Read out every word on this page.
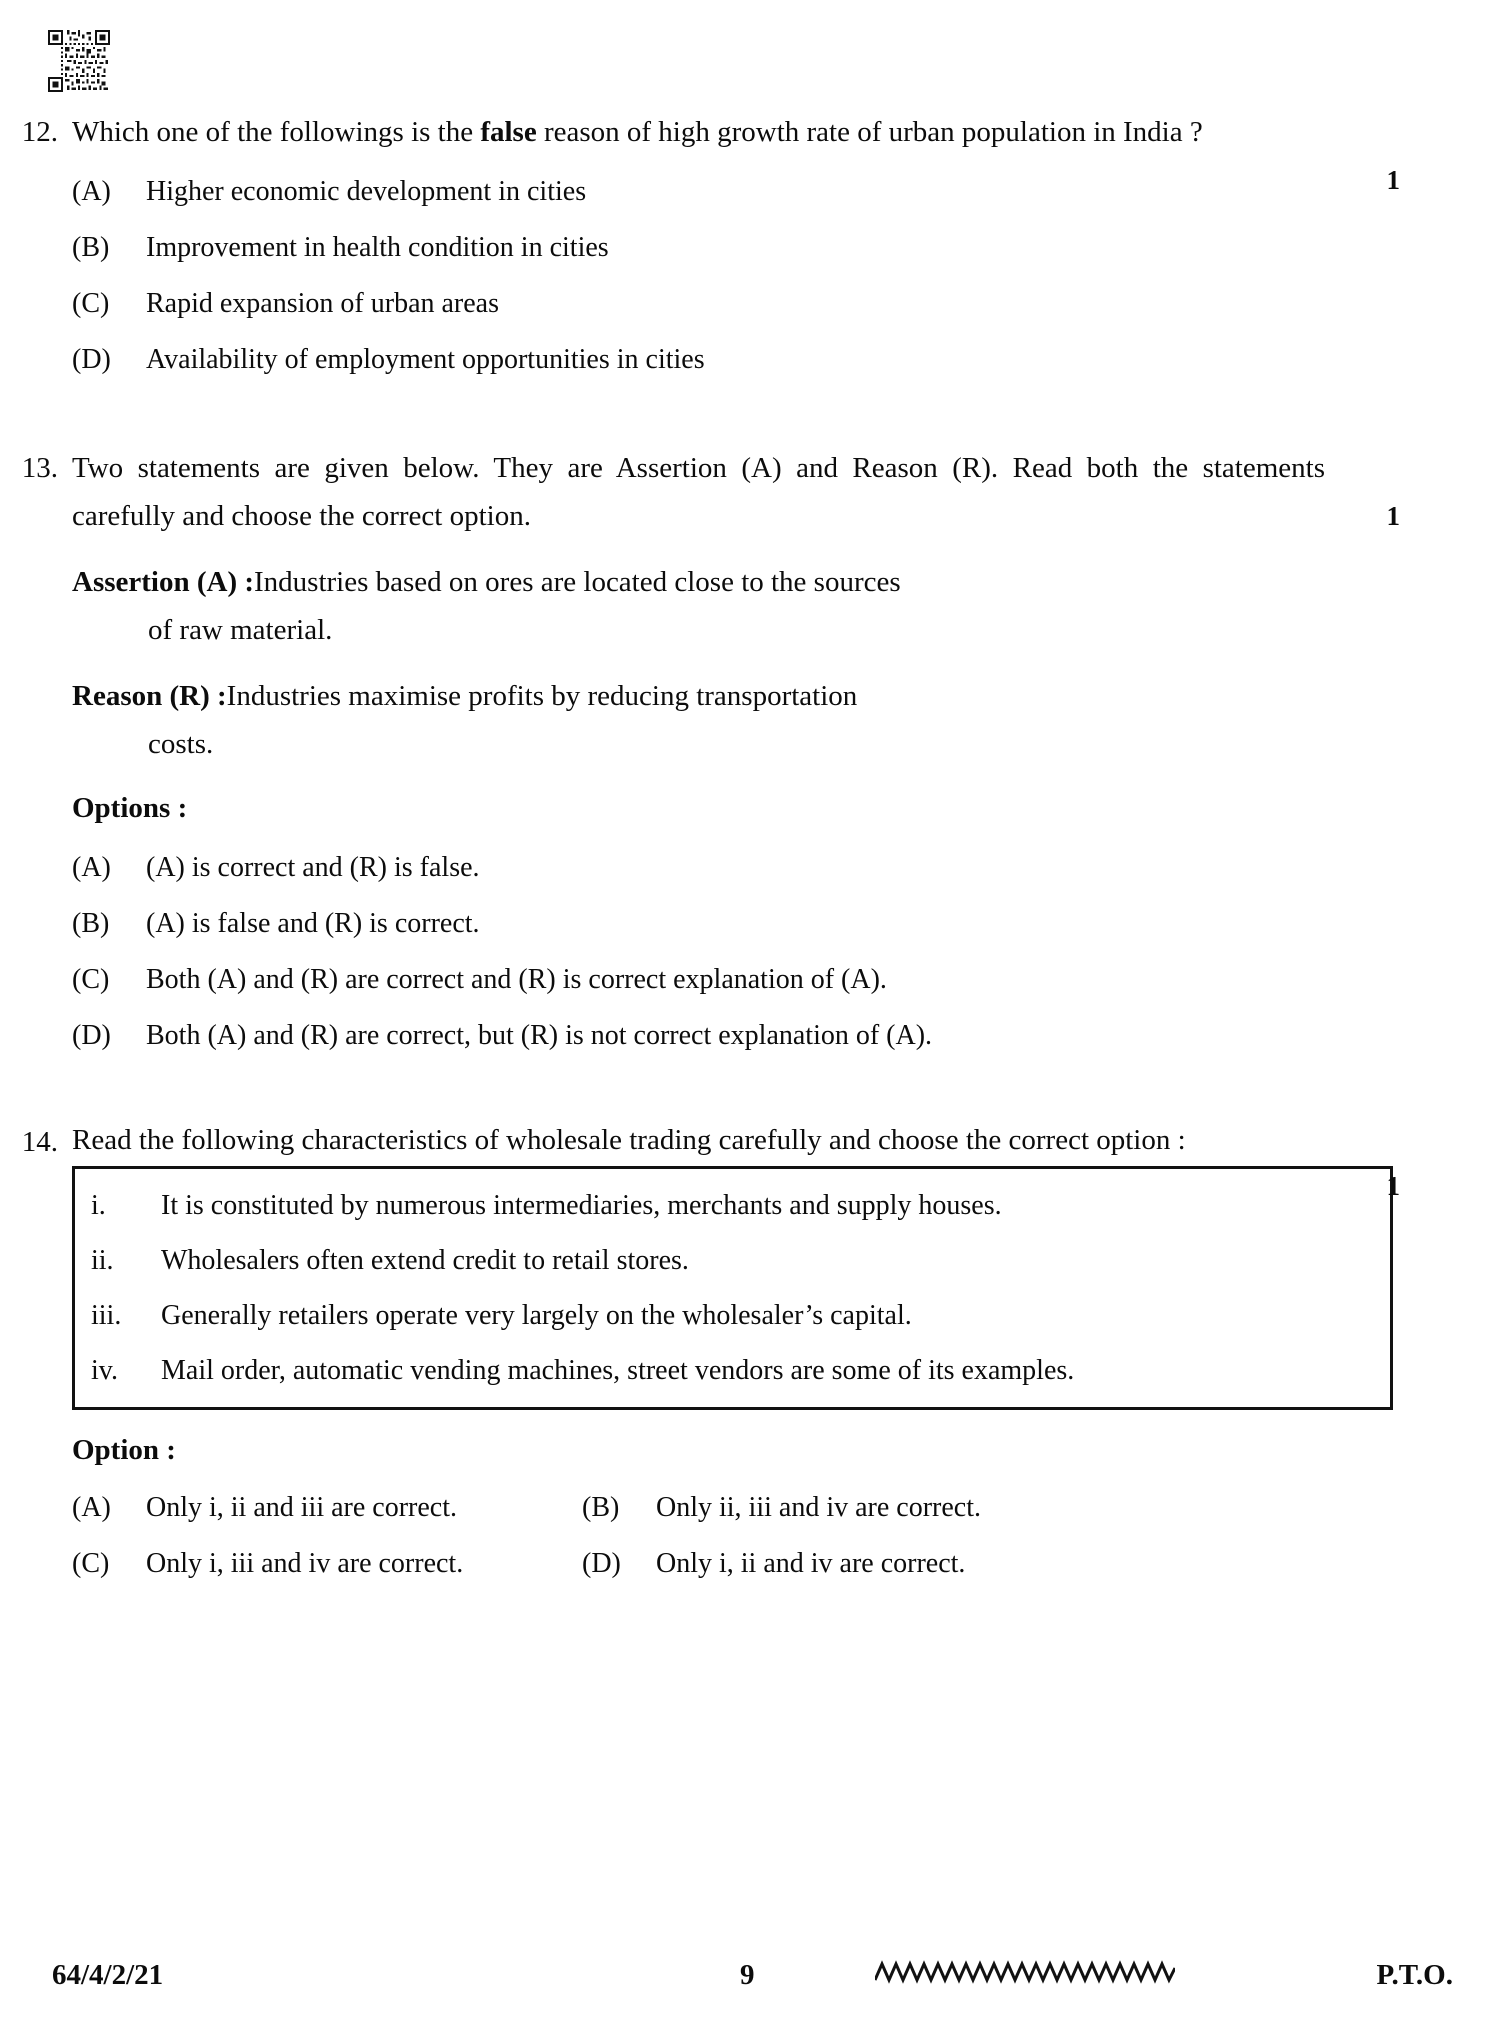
12. Which one of the followings is the false reason of high growth rate of urban population in India ?

(A)	Higher economic development in cities
(B)	Improvement in health condition in cities
(C)	Rapid expansion of urban areas
(D)	Availability of employment opportunities in cities
1
13. Two statements are given below. They are Assertion (A) and Reason (R). Read both the statements carefully and choose the correct option.

Assertion (A) : Industries based on ores are located close to the sources
of raw material.
Reason (R) : Industries maximise profits by reducing transportation
costs.
Options :
(A)	(A) is correct and (R) is false.
(B)	(A) is false and (R) is correct.
(C)	Both (A) and (R) are correct and (R) is correct explanation of (A).
(D)	Both (A) and (R) are correct, but (R) is not correct explanation of (A).
1
14. Read the following characteristics of wholesale trading carefully and choose the correct option :

i.	It is constituted by numerous intermediaries, merchants and supply houses.
ii.	Wholesalers often extend credit to retail stores.
iii.	Generally retailers operate very largely on the wholesaler’s capital.
iv.	Mail order, automatic vending machines, street vendors are some of its examples.
Option :
(A)	Only i, ii and iii are correct.	(B)	Only ii, iii and iv are correct.
(C)	Only i, iii and iv are correct.	(D)	Only i, ii and iv are correct.
1
64/4/2/21	9	P.T.O.
